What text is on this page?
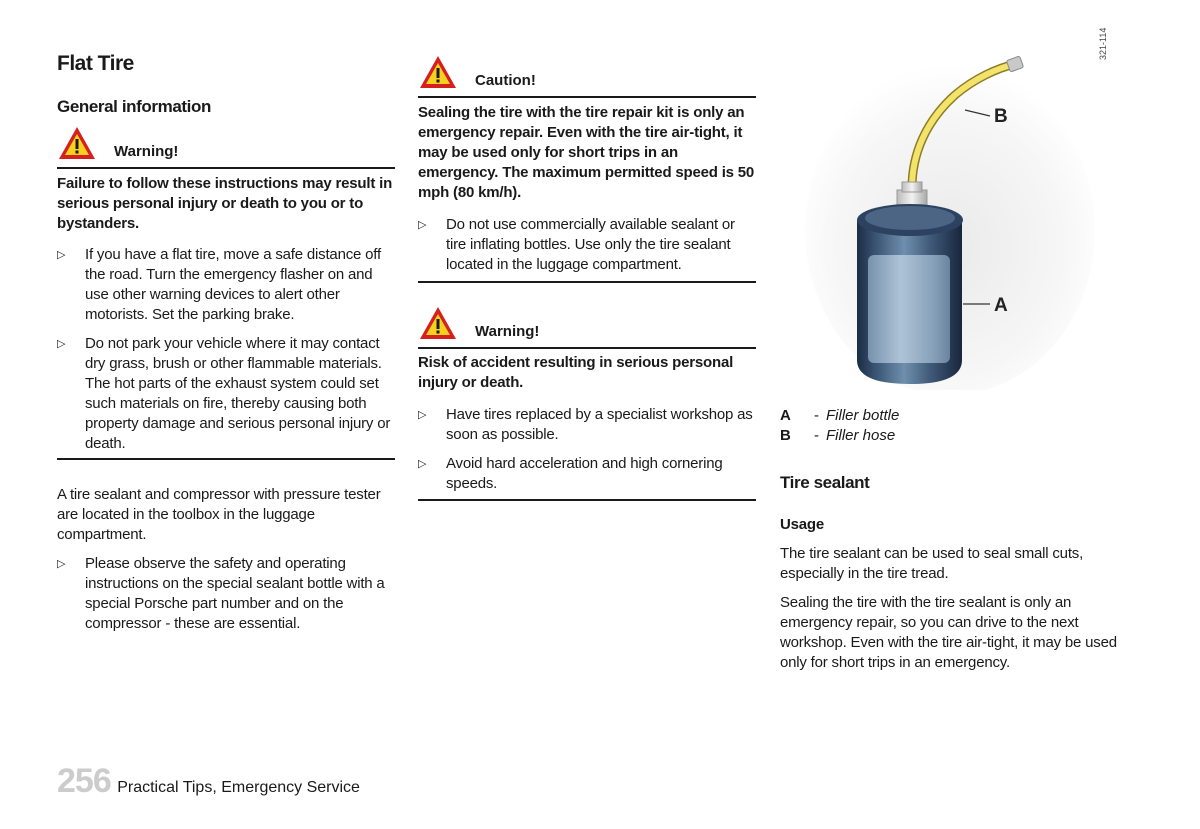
Flat Tire
General information
Warning!
Failure to follow these instructions may result in serious personal injury or death to you or to bystanders.
▷ If you have a flat tire, move a safe distance off the road. Turn the emergency flasher on and use other warning devices to alert other motorists. Set the parking brake.
▷ Do not park your vehicle where it may contact dry grass, brush or other flammable materials. The hot parts of the exhaust system could set such materials on fire, thereby causing both property damage and serious personal injury or death.
A tire sealant and compressor with pressure tester are located in the toolbox in the luggage compartment.
▷ Please observe the safety and operating instructions on the special sealant bottle with a special Porsche part number and on the compressor - these are essential.
Caution!
Sealing the tire with the tire repair kit is only an emergency repair. Even with the tire air-tight, it may be used only for short trips in an emergency. The maximum permitted speed is 50 mph (80 km/h).
▷ Do not use commercially available sealant or tire inflating bottles. Use only the tire sealant located in the luggage compartment.
Warning!
Risk of accident resulting in serious personal injury or death.
▷ Have tires replaced by a specialist workshop as soon as possible.
▷ Avoid hard acceleration and high cornering speeds.
B
A
321-114
A - Filler bottle
B - Filler hose
Tire sealant
Usage
The tire sealant can be used to seal small cuts, especially in the tire tread.
Sealing the tire with the tire sealant is only an emergency repair, so you can drive to the next workshop. Even with the tire air-tight, it may be used only for short trips in an emergency.
256 Practical Tips, Emergency Service
